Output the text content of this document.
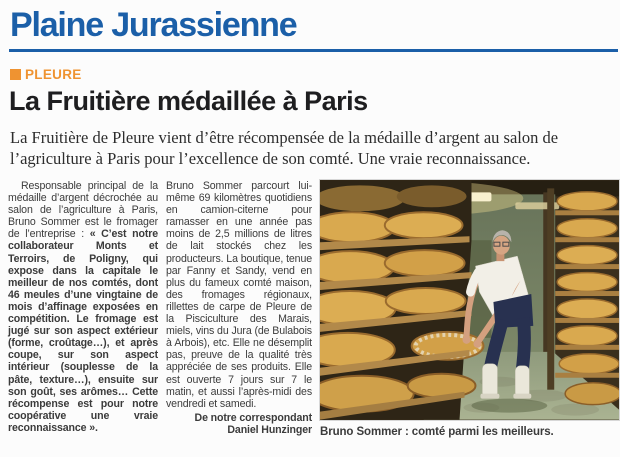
Plaine Jurassienne
PLEURE
La Fruitière médaillée à Paris

La Fruitière de Pleure vient d’être récompensée de la médaille d’argent au salon de l’agriculture à Paris pour l’excellence de son comté. Une vraie reconnaissance.

Responsable principal de la médaille d’argent décrochée au salon de l’agriculture à Paris, Bruno Sommer est le fromager de l’entreprise : « C’est notre collaborateur Monts et Terroirs, de Poligny, qui expose dans la capitale le meilleur de nos comtés, dont 46 meules d’une vingtaine de mois d’affinage exposées en compétition. Le fromage est jugé sur son aspect extérieur (forme, croûtage…), et après coupe, sur son aspect intérieur (souplesse de la pâte, texture…), ensuite sur son goût, ses arômes… Cette récompense est pour notre coopérative une vraie reconnaissance ».

Bruno Sommer parcourt lui-même 69 kilomètres quotidiens en camion-citerne pour ramasser en une année pas moins de 2,5 millions de litres de lait stockés chez les producteurs. La boutique, tenue par Fanny et Sandy, vend en plus du fameux comté maison, des fromages régionaux, rillettes de carpe de Pleure de la Pisciculture des Marais, miels, vins du Jura (de Bulabois à Arbois), etc. Elle ne désemplit pas, preuve de la qualité très appréciée de ses produits. Elle est ouverte 7 jours sur 7 le matin, et aussi l’après-midi des vendredi et samedi.

De notre correspondant
Daniel Hunzinger Bruno Sommer : comté parmi les meilleurs.
